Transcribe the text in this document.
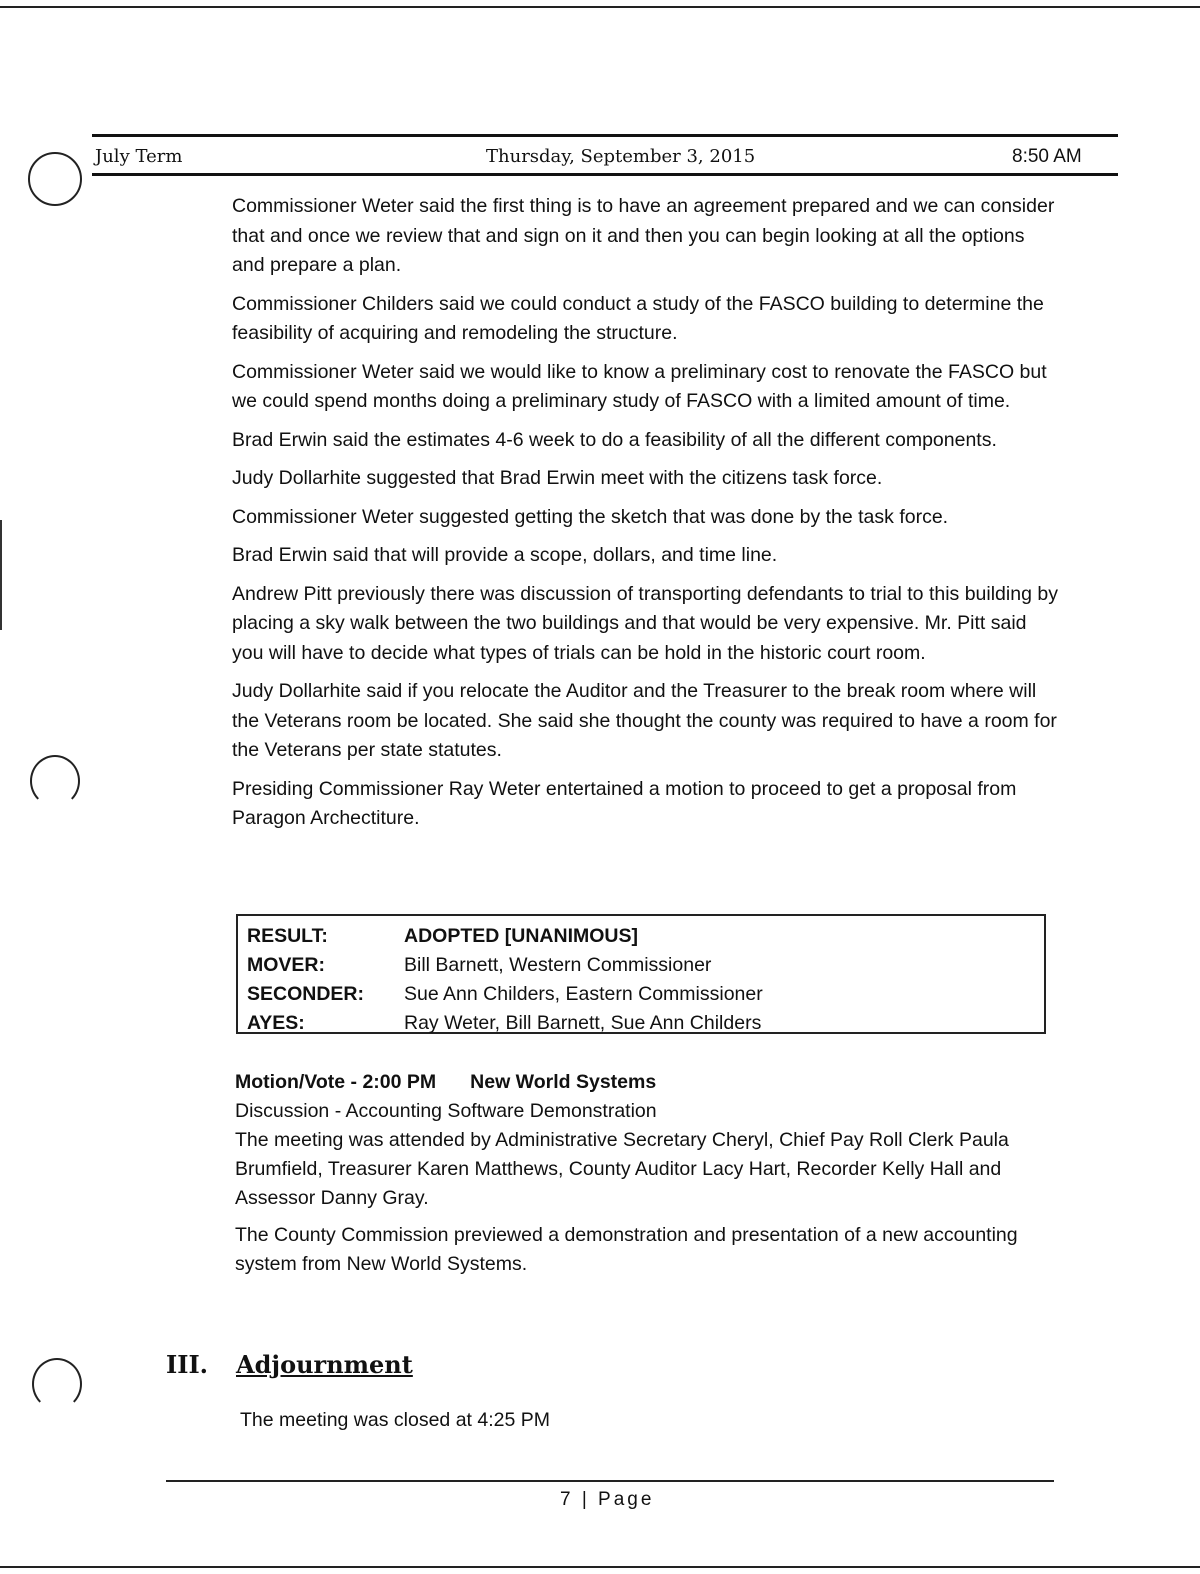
July Term	Thursday, September 3, 2015	8:50 AM

Commissioner Weter said the first thing is to have an agreement prepared and we can consider that and once we review that and sign on it and then you can begin looking at all the options and prepare a plan.

Commissioner Childers said we could conduct a study of the FASCO building to determine the feasibility of acquiring and remodeling the structure.

Commissioner Weter said we would like to know a preliminary cost to renovate the FASCO but we could spend months doing a preliminary study of FASCO with a limited amount of time.

Brad Erwin said the estimates 4-6 week to do a feasibility of all the different components.

Judy Dollarhite suggested that Brad Erwin meet with the citizens task force.

Commissioner Weter suggested getting the sketch that was done by the task force.

Brad Erwin said that will provide a scope, dollars, and time line.

Andrew Pitt previously there was discussion of transporting defendants to trial to this building by placing a sky walk between the two buildings and that would be very expensive. Mr. Pitt said you will have to decide what types of trials can be hold in the historic court room.

Judy Dollarhite said if you relocate the Auditor and the Treasurer to the break room where will the Veterans room be located. She said she thought the county was required to have a room for the Veterans per state statutes.

Presiding Commissioner Ray Weter entertained a motion to proceed to get a proposal from Paragon Archectiture.

RESULT:	ADOPTED [UNANIMOUS]
MOVER:	Bill Barnett, Western Commissioner
SECONDER:	Sue Ann Childers, Eastern Commissioner
AYES:	Ray Weter, Bill Barnett, Sue Ann Childers
Motion/Vote - 2:00 PM New World Systems
Discussion - Accounting Software Demonstration

The meeting was attended by Administrative Secretary Cheryl, Chief Pay Roll Clerk Paula Brumfield, Treasurer Karen Matthews, County Auditor Lacy Hart, Recorder Kelly Hall and Assessor Danny Gray.

The County Commission previewed a demonstration and presentation of a new accounting system from New World Systems.

III. Adjournment
The meeting was closed at 4:25 PM
7 | Page
